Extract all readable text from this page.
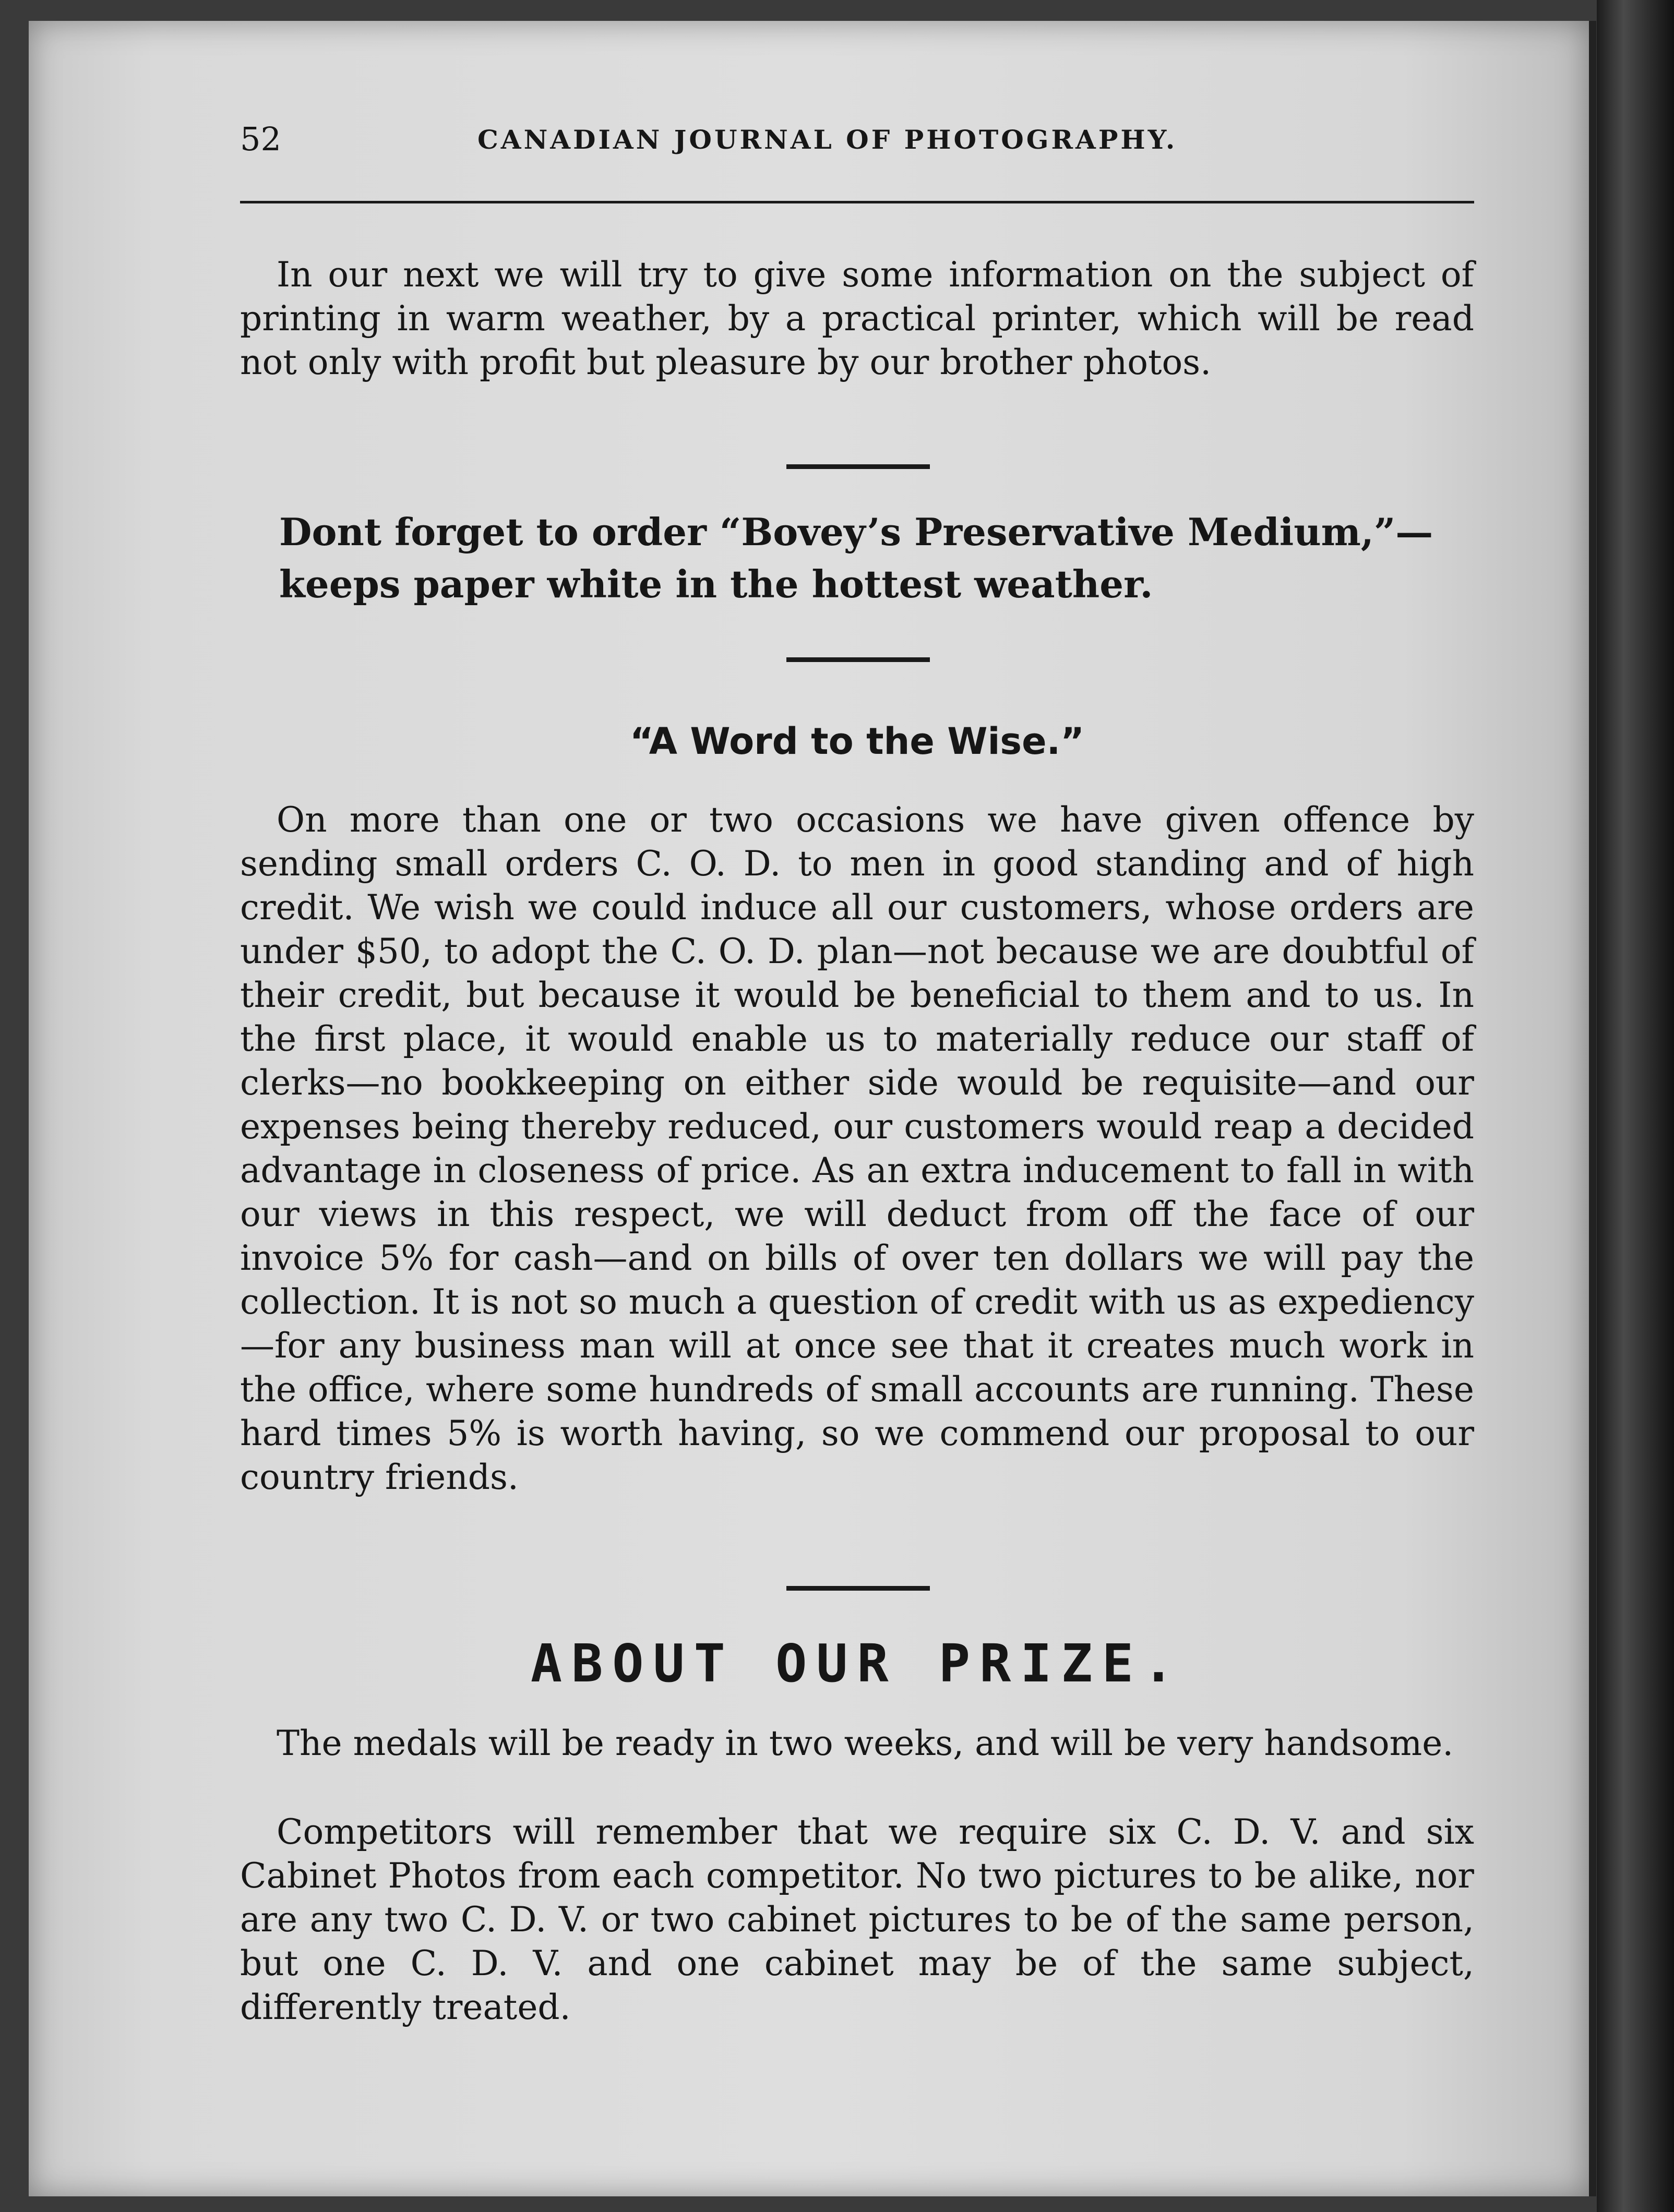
52	CANADIAN JOURNAL OF PHOTOGRAPHY.

In our next we will try to give some information on the subject of printing in warm weather, by a practical printer, which will be read not only with profit but pleasure by our brother photos.

Dont forget to order “Bovey’s Preservative Medium,”—keeps paper white in the hottest weather.

“A Word to the Wise.”

On more than one or two occasions we have given offence by sending small orders C. O. D. to men in good standing and of high credit. We wish we could induce all our customers, whose orders are under $50, to adopt the C. O. D. plan—not because we are doubtful of their credit, but because it would be beneficial to them and to us. In the first place, it would enable us to materially reduce our staff of clerks—no bookkeeping on either side would be requisite—and our expenses being thereby reduced, our customers would reap a decided advantage in closeness of price. As an extra inducement to fall in with our views in this respect, we will deduct from off the face of our invoice 5% for cash—and on bills of over ten dollars we will pay the collection. It is not so much a question of credit with us as expediency—for any business man will at once see that it creates much work in the office, where some hundreds of small accounts are running. These hard times 5% is worth having, so we commend our proposal to our country friends.

ABOUT OUR PRIZE.

The medals will be ready in two weeks, and will be very handsome.

Competitors will remember that we require six C. D. V. and six Cabinet Photos from each competitor. No two pictures to be alike, nor are any two C. D. V. or two cabinet pictures to be of the same person, but one C. D. V. and one cabinet may be of the same subject, differently treated.
